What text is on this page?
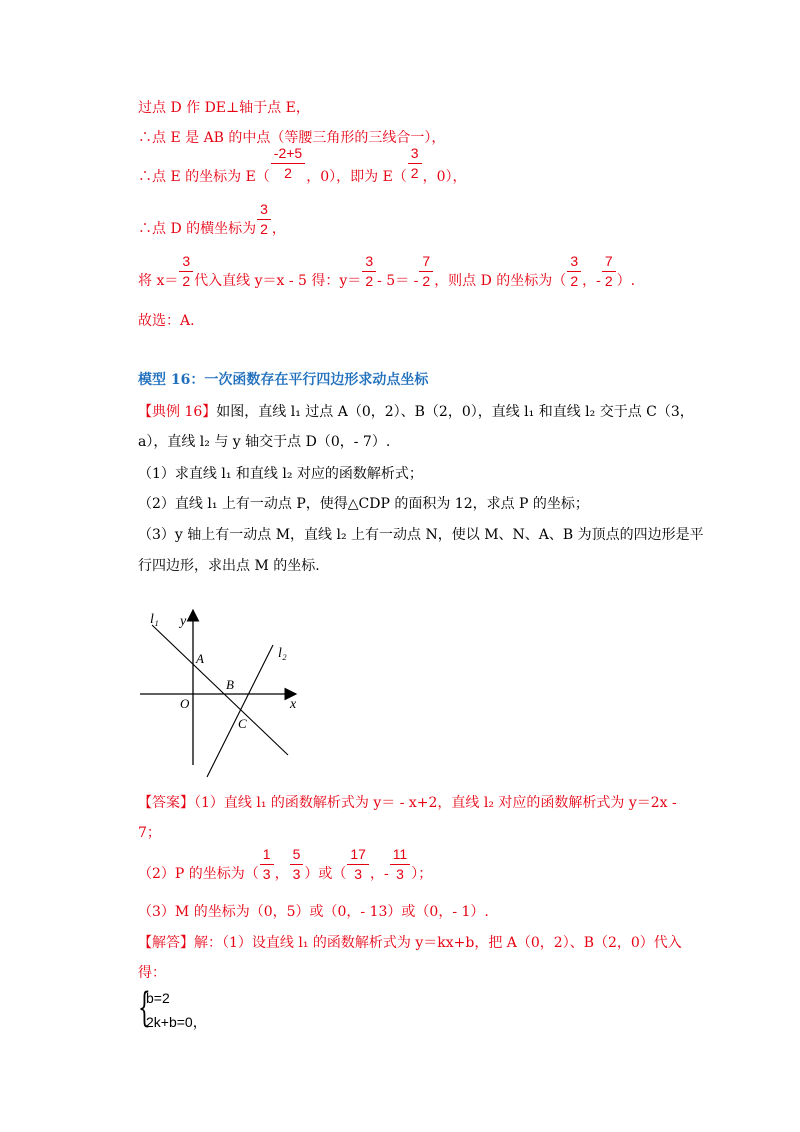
过点 D 作 DE⊥轴于点 E，
∴点 E 是 AB 的中点（等腰三角形的三线合一），
∴点 E 的坐标为 $E( \frac{-2+5}{2}$ ，0），即为 $E( \frac{3}{2}$ ，0），
∴点 D 的横坐标为 $\frac{3}{2}$ ，
将 $x= \frac{3}{2}$ 代入直线 y＝x - 5 得：$y= \frac{3}{2} - 5= - \frac{7}{2}$ ，则点 D 的坐标为（ $\frac{3}{2}$ ，- $\frac{7}{2}$ ）.
故选：A.
模型 16：一次函数存在平行四边形求动点坐标
【典例 16】如图，直线 l₁ 过点 A（0，2）、B（2，0），直线 l₁ 和直线 l₂ 交于点 C（3，
a），直线 l₂ 与 y 轴交于点 D（0，- 7）.
（1）求直线 l₁ 和直线 l₂ 对应的函数解析式；
（2）直线 l₁ 上有一动点 P，使得△CDP 的面积为 12，求点 P 的坐标；
（3）y 轴上有一动点 M，直线 l₂ 上有一动点 N，使以 M、N、A、B 为顶点的四边形是平
行四边形，求出点 M 的坐标.
l₁ y
l₂
A
B
O	x
C
【答案】（1）直线 l₁ 的函数解析式为 y＝ - x+2，直线 l₂ 对应的函数解析式为 y＝2x -
7；
（2）P 的坐标为（ $\frac{1}{3}$ ， $\frac{5}{3}$ ）或（ $\frac{17}{3}$ ，- $\frac{11}{3}$ ）；
（3）M 的坐标为（0，5）或（0，- 13）或（0，- 1）.
【解答】解：（1）设直线 l₁ 的函数解析式为 y＝kx+b，把 A（0，2）、B（2，0）代入
得：
{
b=2
2k+b=0，
